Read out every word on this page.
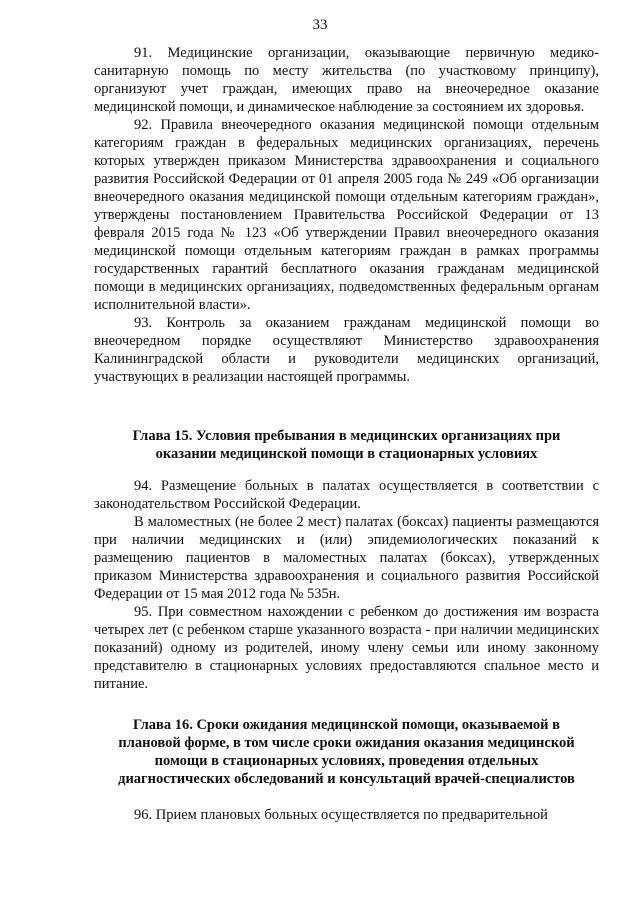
33

91. Медицинские организации, оказывающие первичную медико-санитарную помощь по месту жительства (по участковому принципу), организуют учет граждан, имеющих право на внеочередное оказание медицинской помощи, и динамическое наблюдение за состоянием их здоровья.

92. Правила внеочередного оказания медицинской помощи отдельным категориям граждан в федеральных медицинских организациях, перечень которых утвержден приказом Министерства здравоохранения и социального развития Российской Федерации от 01 апреля 2005 года № 249 «Об организации внеочередного оказания медицинской помощи отдельным категориям граждан», утверждены постановлением Правительства Российской Федерации от 13 февраля 2015 года № 123 «Об утверждении Правил внеочередного оказания медицинской помощи отдельным категориям граждан в рамках программы государственных гарантий бесплатного оказания гражданам медицинской помощи в медицинских организациях, подведомственных федеральным органам исполнительной власти».

93. Контроль за оказанием гражданам медицинской помощи во внеочередном порядке осуществляют Министерство здравоохранения Калининградской области и руководители медицинских организаций, участвующих в реализации настоящей программы.

Глава 15. Условия пребывания в медицинских организациях при оказании медицинской помощи в стационарных условиях

94. Размещение больных в палатах осуществляется в соответствии с законодательством Российской Федерации.

В маломестных (не более 2 мест) палатах (боксах) пациенты размещаются при наличии медицинских и (или) эпидемиологических показаний к размещению пациентов в маломестных палатах (боксах), утвержденных приказом Министерства здравоохранения и социального развития Российской Федерации от 15 мая 2012 года № 535н.

95. При совместном нахождении с ребенком до достижения им возраста четырех лет (с ребенком старше указанного возраста - при наличии медицинских показаний) одному из родителей, иному члену семьи или иному законному представителю в стационарных условиях предоставляются спальное место и питание.

Глава 16. Сроки ожидания медицинской помощи, оказываемой в плановой форме, в том числе сроки ожидания оказания медицинской помощи в стационарных условиях, проведения отдельных диагностических обследований и консультаций врачей-специалистов

96. Прием плановых больных осуществляется по предварительной
